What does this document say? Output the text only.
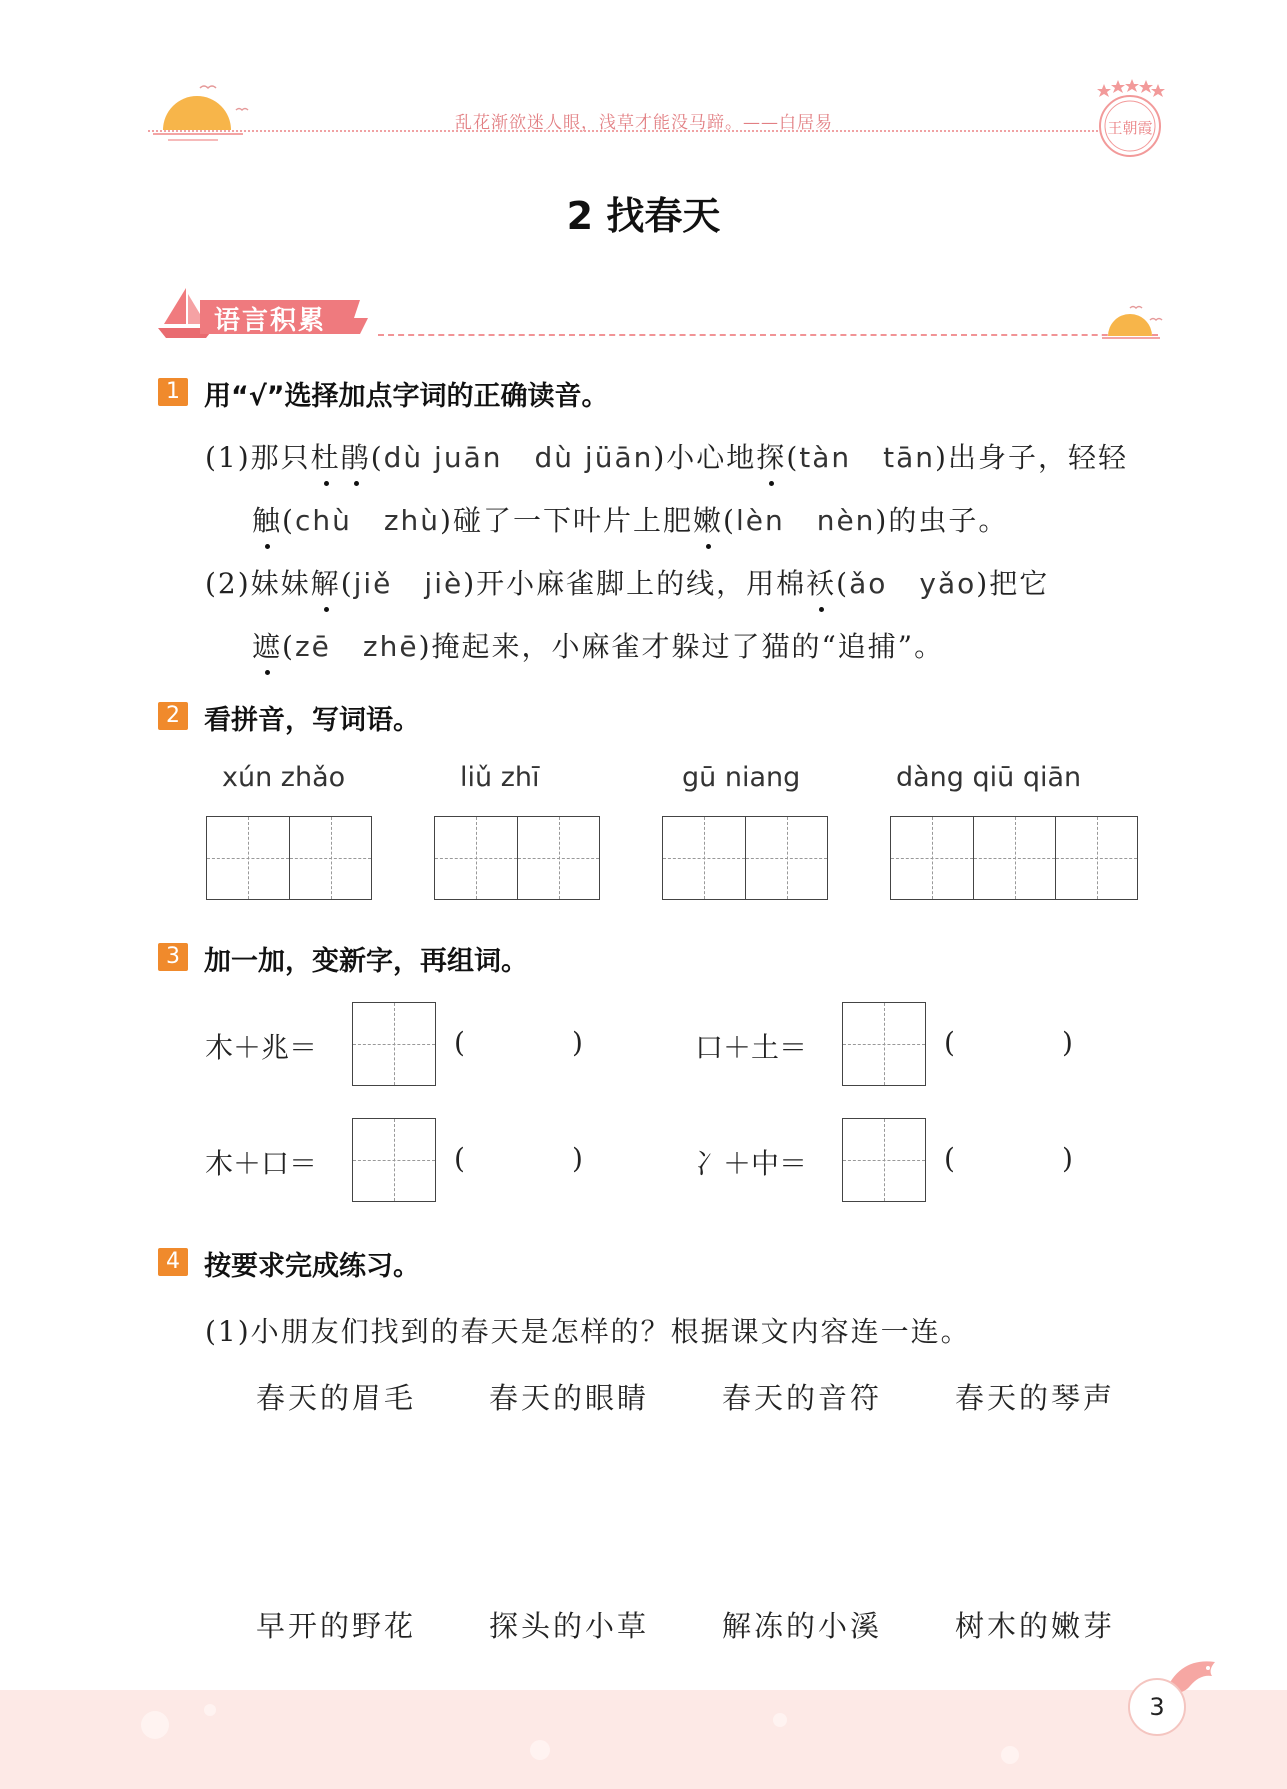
乱花渐欲迷人眼，浅草才能没马蹄。——白居易	王朝霞
2 找春天
语言积累
1 用“√”选择加点字词的正确读音。
(1)那只杜鹃(dù juān dù jüān)小心地探(tàn tān)出身子，轻轻
触(chù zhù)碰了一下叶片上肥嫩(lèn nèn)的虫子。
(2)妹妹解(jiě jiè)开小麻雀脚上的线，用棉袄(ǎo yǎo)把它
遮(zē zhē)掩起来，小麻雀才躲过了猫的“追捕”。
2 看拼音，写词语。
xún zhǎo	liǔ zhī	gū niang	dàng qiū qiān
3 加一加，变新字，再组词。
木＋兆＝	(	)	口＋土＝	(	)
木＋口＝	(	)	冫＋中＝	(	)
4 按要求完成练习。
(1)小朋友们找到的春天是怎样的？根据课文内容连一连。
春天的眉毛	春天的眼睛	春天的音符	春天的琴声
早开的野花	探头的小草	解冻的小溪	树木的嫩芽
3
